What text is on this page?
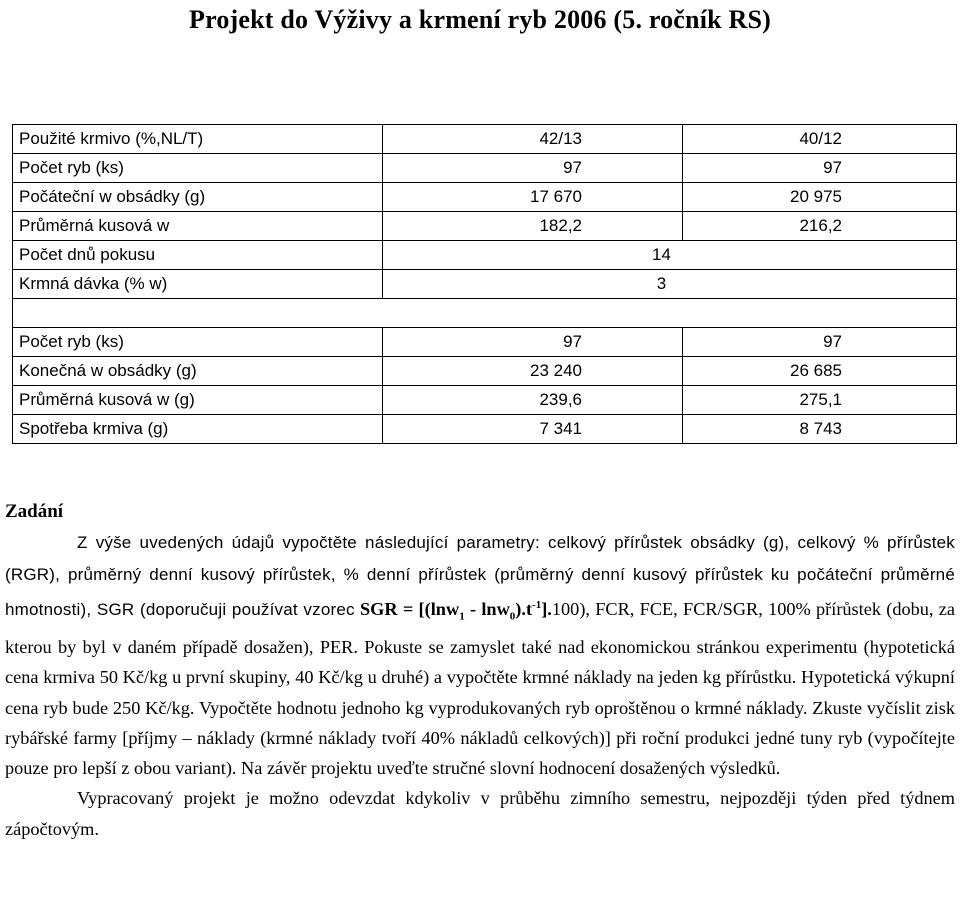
Projekt do Výživy a krmení ryb 2006 (5. ročník RS)
Použité krmivo (%,NL/T)	42/13	40/12
Počet ryb (ks)	97	97
Počáteční w obsádky (g)	17 670	20 975
Průměrná kusová w	182,2	216,2
Počet dnů pokusu	14	
Krmná dávka (% w)	3	

Počet ryb (ks)	97	97
Konečná w obsádky (g)	23 240	26 685
Průměrná kusová w (g)	239,6	275,1
Spotřeba krmiva (g)	7 341	8 743
Zadání

Z výše uvedených údajů vypočtěte následující parametry: celkový přírůstek obsádky (g), celkový % přírůstek (RGR), průměrný denní kusový přírůstek, % denní přírůstek (průměrný denní kusový přírůstek ku počáteční průměrné hmotnosti), SGR (doporučuji používat vzorec SGR = $[(\ln w_1 - \ln w_0).t^{-1}].100$), FCR, FCE, FCR/SGR, 100% přírůstek (dobu, za kterou by byl v daném případě dosažen), PER. Pokuste se zamyslet také nad ekonomickou stránkou experimentu (hypotetická cena krmiva 50 Kč/kg u první skupiny, 40 Kč/kg u druhé) a vypočtěte krmné náklady na jeden kg přírůstku. Hypotetická výkupní cena ryb bude 250 Kč/kg. Vypočtěte hodnotu jednoho kg vyprodukovaných ryb oproštěnou o krmné náklady. Zkuste vyčíslit zisk rybářské farmy [příjmy – náklady (krmné náklady tvoří 40% nákladů celkových)] při roční produkci jedné tuny ryb (vypočítejte pouze pro lepší z obou variant). Na závěr projektu uveďte stručné slovní hodnocení dosažených výsledků.

Vypracovaný projekt je možno odevzdat kdykoliv v průběhu zimního semestru, nejpozději týden před týdnem zápočtovým.
